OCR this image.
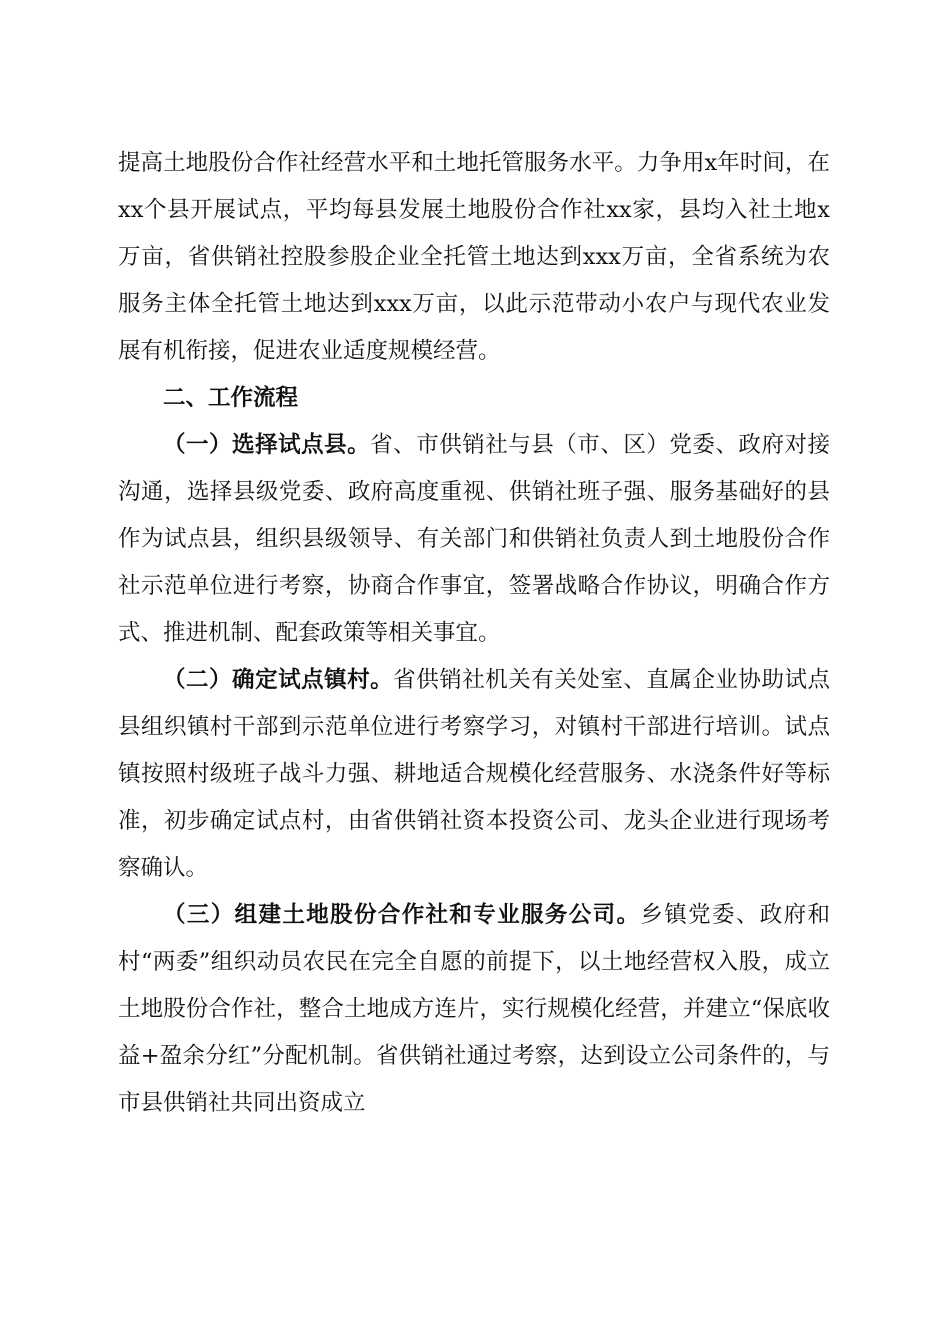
提高土地股份合作社经营水平和土地托管服务水平。力争用x年时间，在xx个县开展试点，平均每县发展土地股份合作社xx家，县均入社土地x万亩，省供销社控股参股企业全托管土地达到xxx万亩，全省系统为农服务主体全托管土地达到xxx万亩，以此示范带动小农户与现代农业发展有机衔接，促进农业适度规模经营。

二、工作流程

（一）选择试点县。省、市供销社与县（市、区）党委、政府对接沟通，选择县级党委、政府高度重视、供销社班子强、服务基础好的县作为试点县，组织县级领导、有关部门和供销社负责人到土地股份合作社示范单位进行考察，协商合作事宜，签署战略合作协议，明确合作方式、推进机制、配套政策等相关事宜。

（二）确定试点镇村。省供销社机关有关处室、直属企业协助试点县组织镇村干部到示范单位进行考察学习，对镇村干部进行培训。试点镇按照村级班子战斗力强、耕地适合规模化经营服务、水浇条件好等标准，初步确定试点村，由省供销社资本投资公司、龙头企业进行现场考察确认。

（三）组建土地股份合作社和专业服务公司。乡镇党委、政府和村“两委”组织动员农民在完全自愿的前提下，以土地经营权入股，成立土地股份合作社，整合土地成方连片，实行规模化经营，并建立“保底收益+盈余分红”分配机制。省供销社通过考察，达到设立公司条件的，与市县供销社共同出资成立
